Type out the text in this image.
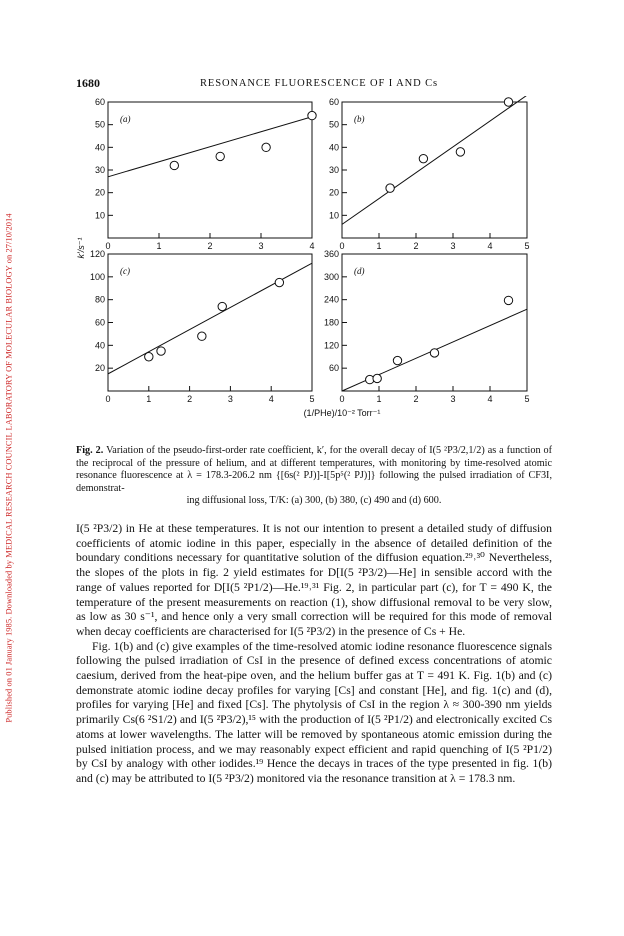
Published on 01 January 1985. Downloaded by MEDICAL RESEARCH COUNCIL LABORATORY OF MOLECULAR BIOLOGY on 27/10/2014
1680	RESONANCE FLUORESCENCE OF I AND Cs
60
50
40
30
20
10
0	1	2	3	4
(a)
60
50
40
30
20
10
0	1	2	3	4	5
(b)
120
100
80
60
40
20
0	1	2	3	4	5
(c)
360
300
240
180
120
60
0	1	2	3	4	5
(d)
k′/s⁻¹
(1/PHe)/10⁻² Torr⁻¹
Fig. 2. Variation of the pseudo-first-order rate coefficient, k′, for the overall decay of I(5 ²P3/2,1/2) as a function of the reciprocal of the pressure of helium, and at different temperatures, with monitoring by time-resolved atomic resonance fluorescence at λ = 178.3-206.2 nm {[6s(² PJ)]-I[5p⁵(² PJ)]} following the pulsed irradiation of CF3I, demonstrat-
ing diffusional loss, T/K: (a) 300, (b) 380, (c) 490 and (d) 600.

I(5 ²P3/2) in He at these temperatures. It is not our intention to present a detailed study of diffusion coefficients of atomic iodine in this paper, especially in the absence of detailed definition of the boundary conditions necessary for quantitative solution of the diffusion equation.²⁹˒³⁰ Nevertheless, the slopes of the plots in fig. 2 yield estimates for D[I(5 ²P3/2)—He] in sensible accord with the range of values reported for D[I(5 ²P1/2)—He.¹⁹˒³¹ Fig. 2, in particular part (c), for T = 490 K, the temperature of the present measurements on reaction (1), show diffusional removal to be very slow, as low as 30 s⁻¹, and hence only a very small correction will be required for this mode of removal when decay coefficients are characterised for I(5 ²P3/2) in the presence of Cs + He.

Fig. 1(b) and (c) give examples of the time-resolved atomic iodine resonance fluorescence signals following the pulsed irradiation of CsI in the presence of defined excess concentrations of atomic caesium, derived from the heat-pipe oven, and the helium buffer gas at T = 491 K. Fig. 1(b) and (c) demonstrate atomic iodine decay profiles for varying [Cs] and constant [He], and fig. 1(c) and (d), profiles for varying [He] and fixed [Cs]. The phytolysis of CsI in the region λ ≈ 300-390 nm yields primarily Cs(6 ²S1/2) and I(5 ²P3/2),¹⁵ with the production of I(5 ²P1/2) and electronically excited Cs atoms at lower wavelengths. The latter will be removed by spontaneous atomic emission during the pulsed initiation process, and we may reasonably expect efficient and rapid quenching of I(5 ²P1/2) by CsI by analogy with other iodides.¹⁹ Hence the decays in traces of the type presented in fig. 1(b) and (c) may be attributed to I(5 ²P3/2) monitored via the resonance transition at λ = 178.3 nm.
